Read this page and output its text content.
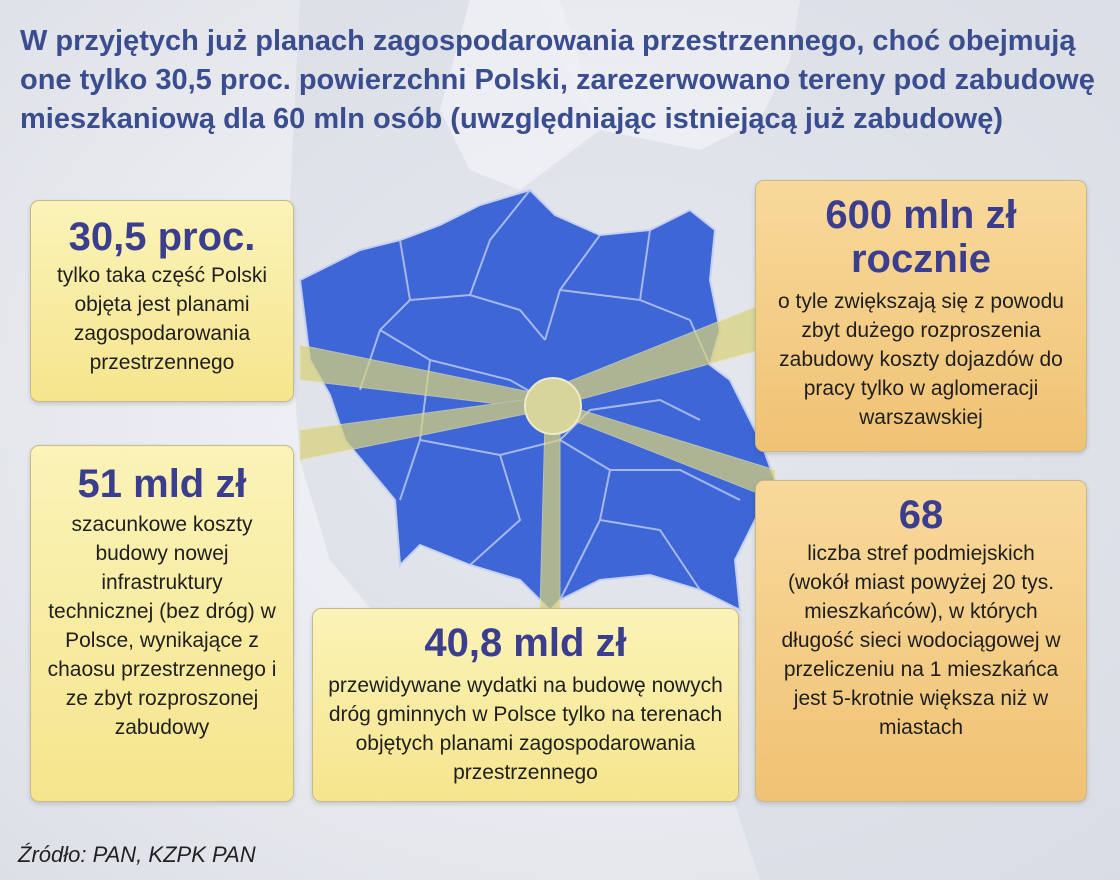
W przyjętych już planach zagospodarowania przestrzennego, choć obejmują one tylko 30,5 proc. powierzchni Polski, zarezerwowano tereny pod zabudowę mieszkaniową dla 60 mln osób (uwzględniając istniejącą już zabudowę)
30,5 proc.
tylko taka część Polski objęta jest planami zagospodarowania przestrzennego
600 mln zł rocznie
o tyle zwiększają się z powodu zbyt dużego rozproszenia zabudowy koszty dojazdów do pracy tylko w aglomeracji warszawskiej
51 mld zł
szacunkowe koszty budowy nowej infrastruktury technicznej (bez dróg) w Polsce, wynikające z chaosu przestrzennego i ze zbyt rozproszonej zabudowy
40,8 mld zł
przewidywane wydatki na budowę nowych dróg gminnych w Polsce tylko na terenach objętych planami zagospodarowania przestrzennego
68
liczba stref podmiejskich (wokół miast powyżej 20 tys. mieszkańców), w których długość sieci wodociągowej w przeliczeniu na 1 mieszkańca jest 5-krotnie większa niż w miastach
Źródło: PAN, KZPK PAN
